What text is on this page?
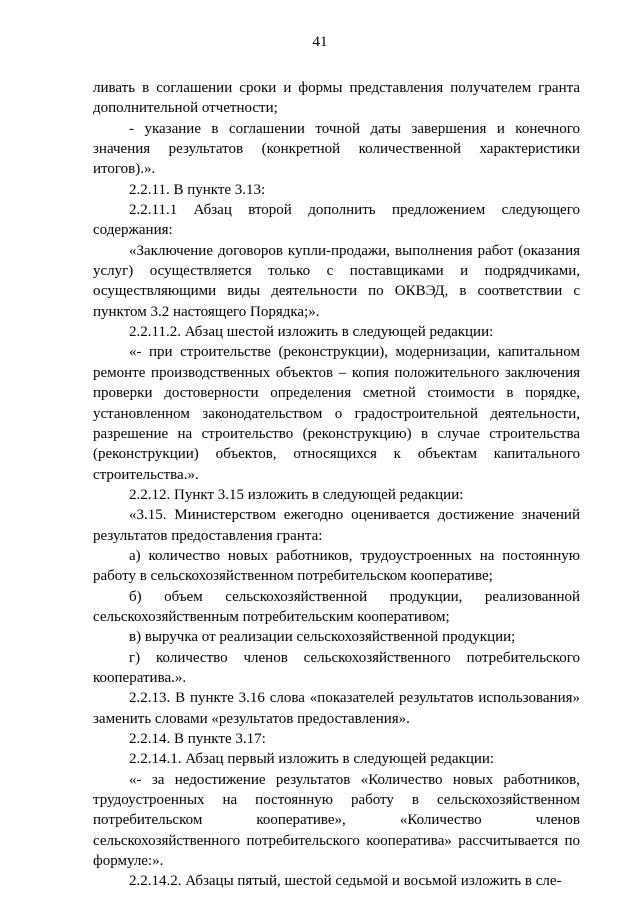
41

ливать в соглашении сроки и формы представления получателем гранта дополнительной отчетности;

- указание в соглашении точной даты завершения и конечного значения результатов (конкретной количественной характеристики итогов).».

2.2.11. В пункте 3.13:

2.2.11.1 Абзац второй дополнить предложением следующего содержания:

«Заключение договоров купли-продажи, выполнения работ (оказания услуг) осуществляется только с поставщиками и подрядчиками, осуществляющими виды деятельности по ОКВЭД, в соответствии с пунктом 3.2 настоящего Порядка;».

2.2.11.2. Абзац шестой изложить в следующей редакции:

«- при строительстве (реконструкции), модернизации, капитальном ремонте производственных объектов – копия положительного заключения проверки достоверности определения сметной стоимости в порядке, установленном законодательством о градостроительной деятельности, разрешение на строительство (реконструкцию) в случае строительства (реконструкции) объектов, относящихся к объектам капитального строительства.».

2.2.12. Пункт 3.15 изложить в следующей редакции:

«3.15. Министерством ежегодно оценивается достижение значений результатов предоставления гранта:

а) количество новых работников, трудоустроенных на постоянную работу в сельскохозяйственном потребительском кооперативе;

б) объем сельскохозяйственной продукции, реализованной сельскохозяйственным потребительским кооперативом;

в) выручка от реализации сельскохозяйственной продукции;

г) количество членов сельскохозяйственного потребительского кооператива.».

2.2.13. В пункте 3.16 слова «показателей результатов использования» заменить словами «результатов предоставления».

2.2.14. В пункте 3.17:

2.2.14.1. Абзац первый изложить в следующей редакции:

«- за недостижение результатов «Количество новых работников, трудоустроенных на постоянную работу в сельскохозяйственном потребительском кооперативе», «Количество членов сельскохозяйственного потребительского кооператива» рассчитывается по формуле:».

2.2.14.2. Абзацы пятый, шестой седьмой и восьмой изложить в сле-
